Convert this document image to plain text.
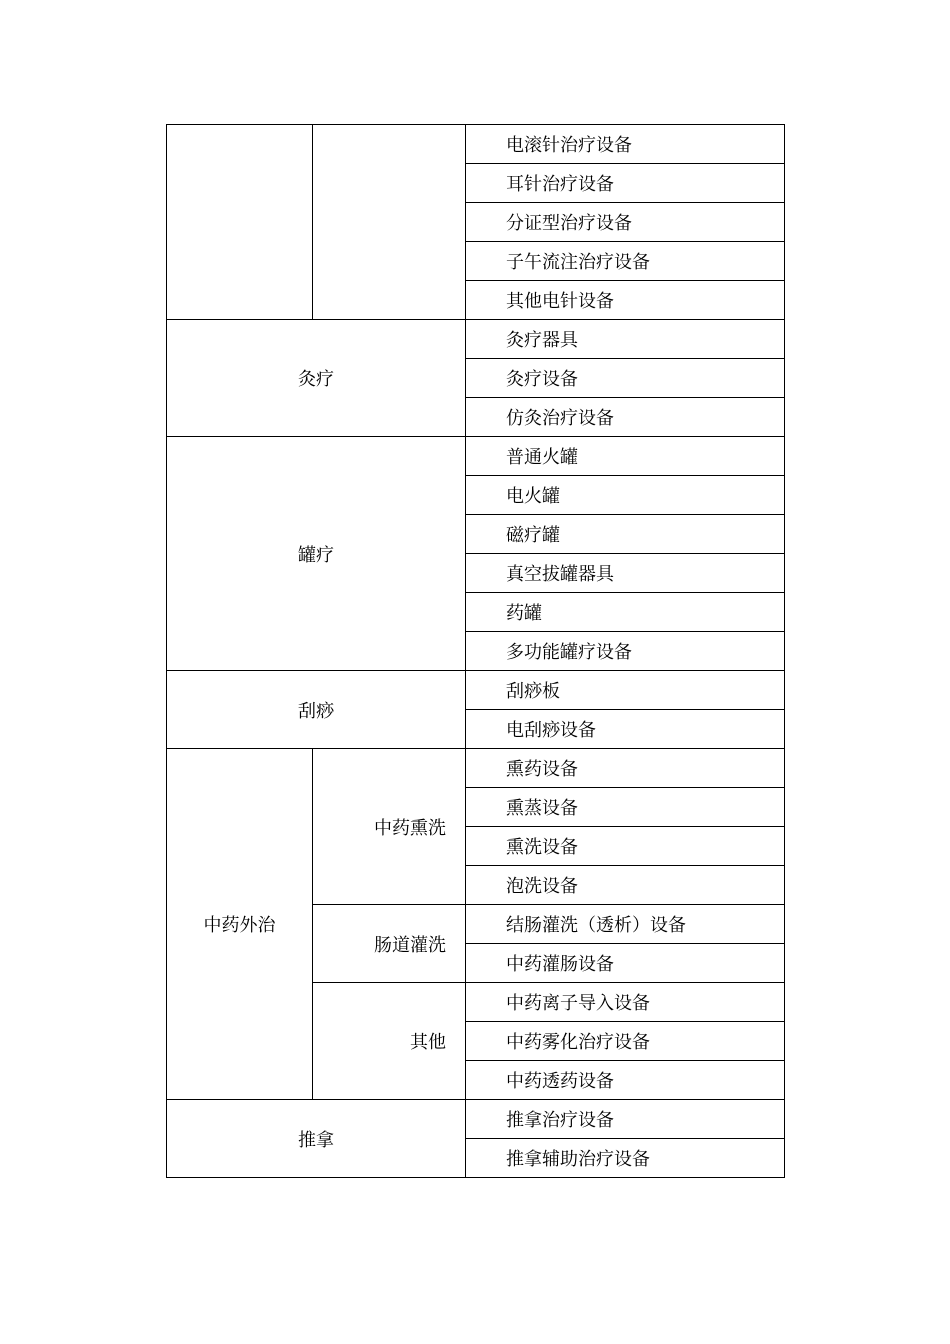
		电滚针治疗设备
		耳针治疗设备
		分证型治疗设备
		子午流注治疗设备
		其他电针设备
灸疗		灸疗器具
		灸疗设备
		仿灸治疗设备
罐疗		普通火罐
		电火罐
		磁疗罐
		真空拔罐器具
		药罐
		多功能罐疗设备
刮痧		刮痧板
		电刮痧设备
中药外治	中药熏洗	熏药设备
		熏蒸设备
		熏洗设备
		泡洗设备
	肠道灌洗	结肠灌洗（透析）设备
		中药灌肠设备
	其他	中药离子导入设备
		中药雾化治疗设备
		中药透药设备
推拿		推拿治疗设备
		推拿辅助治疗设备
